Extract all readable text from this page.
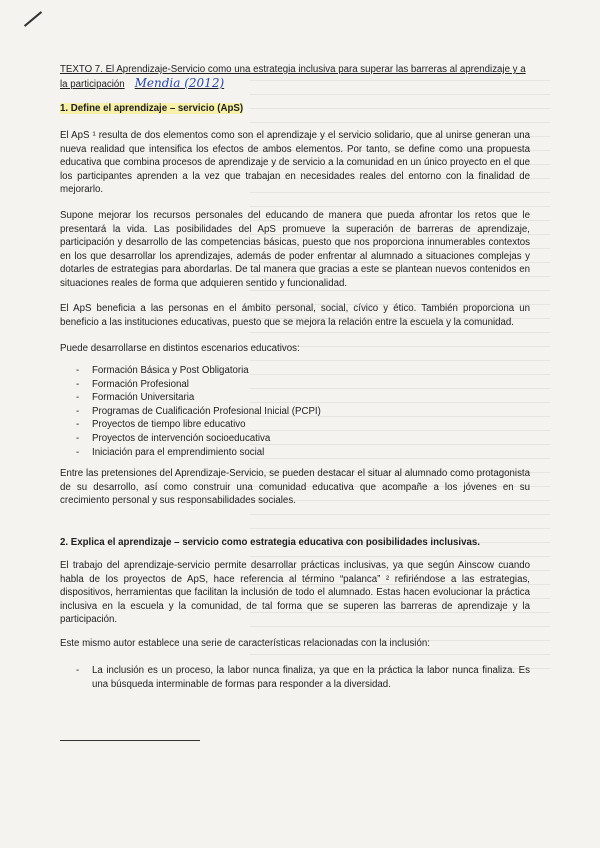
TEXTO 7. El Aprendizaje-Servicio como una estrategia inclusiva para superar las barreras al aprendizaje y a la participación Mendia (2012)
1. Define el aprendizaje – servicio (ApS)
El ApS ¹ resulta de dos elementos como son el aprendizaje y el servicio solidario, que al unirse generan una nueva realidad que intensifica los efectos de ambos elementos. Por tanto, se define como una propuesta educativa que combina procesos de aprendizaje y de servicio a la comunidad en un único proyecto en el que los participantes aprenden a la vez que trabajan en necesidades reales del entorno con la finalidad de mejorarlo.
Supone mejorar los recursos personales del educando de manera que pueda afrontar los retos que le presentará la vida. Las posibilidades del ApS promueve la superación de barreras de aprendizaje, participación y desarrollo de las competencias básicas, puesto que nos proporciona innumerables contextos en los que desarrollar los aprendizajes, además de poder enfrentar al alumnado a situaciones complejas y dotarles de estrategias para abordarlas. De tal manera que gracias a este se plantean nuevos contenidos en situaciones reales de forma que adquieren sentido y funcionalidad.
El ApS beneficia a las personas en el ámbito personal, social, cívico y ético. También proporciona un beneficio a las instituciones educativas, puesto que se mejora la relación entre la escuela y la comunidad.
Puede desarrollarse en distintos escenarios educativos:
- Formación Básica y Post Obligatoria
- Formación Profesional
- Formación Universitaria
- Programas de Cualificación Profesional Inicial (PCPI)
- Proyectos de tiempo libre educativo
- Proyectos de intervención socioeducativa
- Iniciación para el emprendimiento social
Entre las pretensiones del Aprendizaje-Servicio, se pueden destacar el situar al alumnado como protagonista de su desarrollo, así como construir una comunidad educativa que acompañe a los jóvenes en su crecimiento personal y sus responsabilidades sociales.
2. Explica el aprendizaje – servicio como estrategia educativa con posibilidades inclusivas.
El trabajo del aprendizaje-servicio permite desarrollar prácticas inclusivas, ya que según Ainscow cuando habla de los proyectos de ApS, hace referencia al término “palanca” ² refiriéndose a las estrategias, dispositivos, herramientas que facilitan la inclusión de todo el alumnado. Estas hacen evolucionar la práctica inclusiva en la escuela y la comunidad, de tal forma que se superen las barreras de aprendizaje y la participación.
Este mismo autor establece una serie de características relacionadas con la inclusión:
- La inclusión es un proceso, la labor nunca finaliza, ya que en la práctica la labor nunca finaliza. Es una búsqueda interminable de formas para responder a la diversidad.
